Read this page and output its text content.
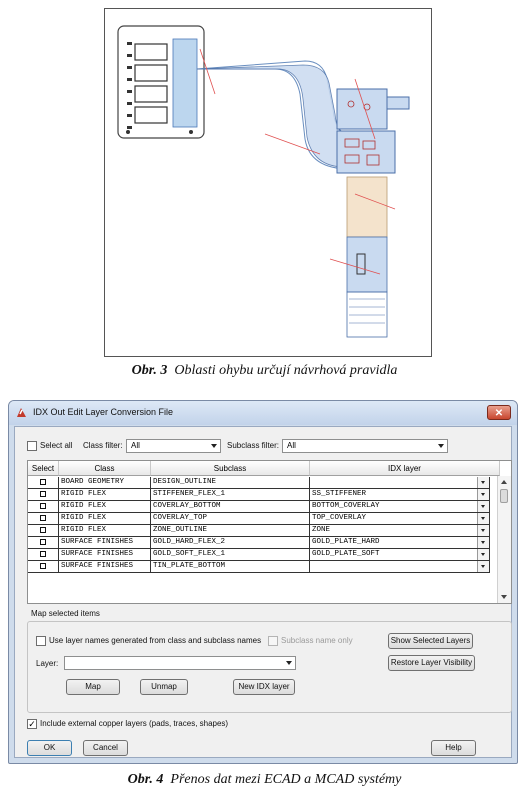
Obr. 3 Oblasti ohybu určují návrhová pravidla
IDX Out Edit Layer Conversion File	✕
Select all Class filter:	All	Subclass filter: All
Select	Class	Subclass	IDX layer
BOARD GEOMETRY	DESIGN_OUTLINE
RIGID FLEX	STIFFENER_FLEX_1	SS_STIFFENER
RIGID FLEX	COVERLAY_BOTTOM	BOTTOM_COVERLAY
RIGID FLEX	COVERLAY_TOP	TOP_COVERLAY
RIGID FLEX	ZONE_OUTLINE	ZONE
SURFACE FINISHES	GOLD_HARD_FLEX_2	GOLD_PLATE_HARD
SURFACE FINISHES	GOLD_SOFT_FLEX_1	GOLD_PLATE_SOFT
SURFACE FINISHES	TIN_PLATE_BOTTOM
Map selected items
Use layer names generated from class and subclass names Subclass name only	Show Selected Layers
Layer:	Restore Layer Visibility
Map	Unmap	New IDX layer
✓ Include external copper layers (pads, traces, shapes)
OK	Cancel	Help
Obr. 4 Přenos dat mezi ECAD a MCAD systémy
